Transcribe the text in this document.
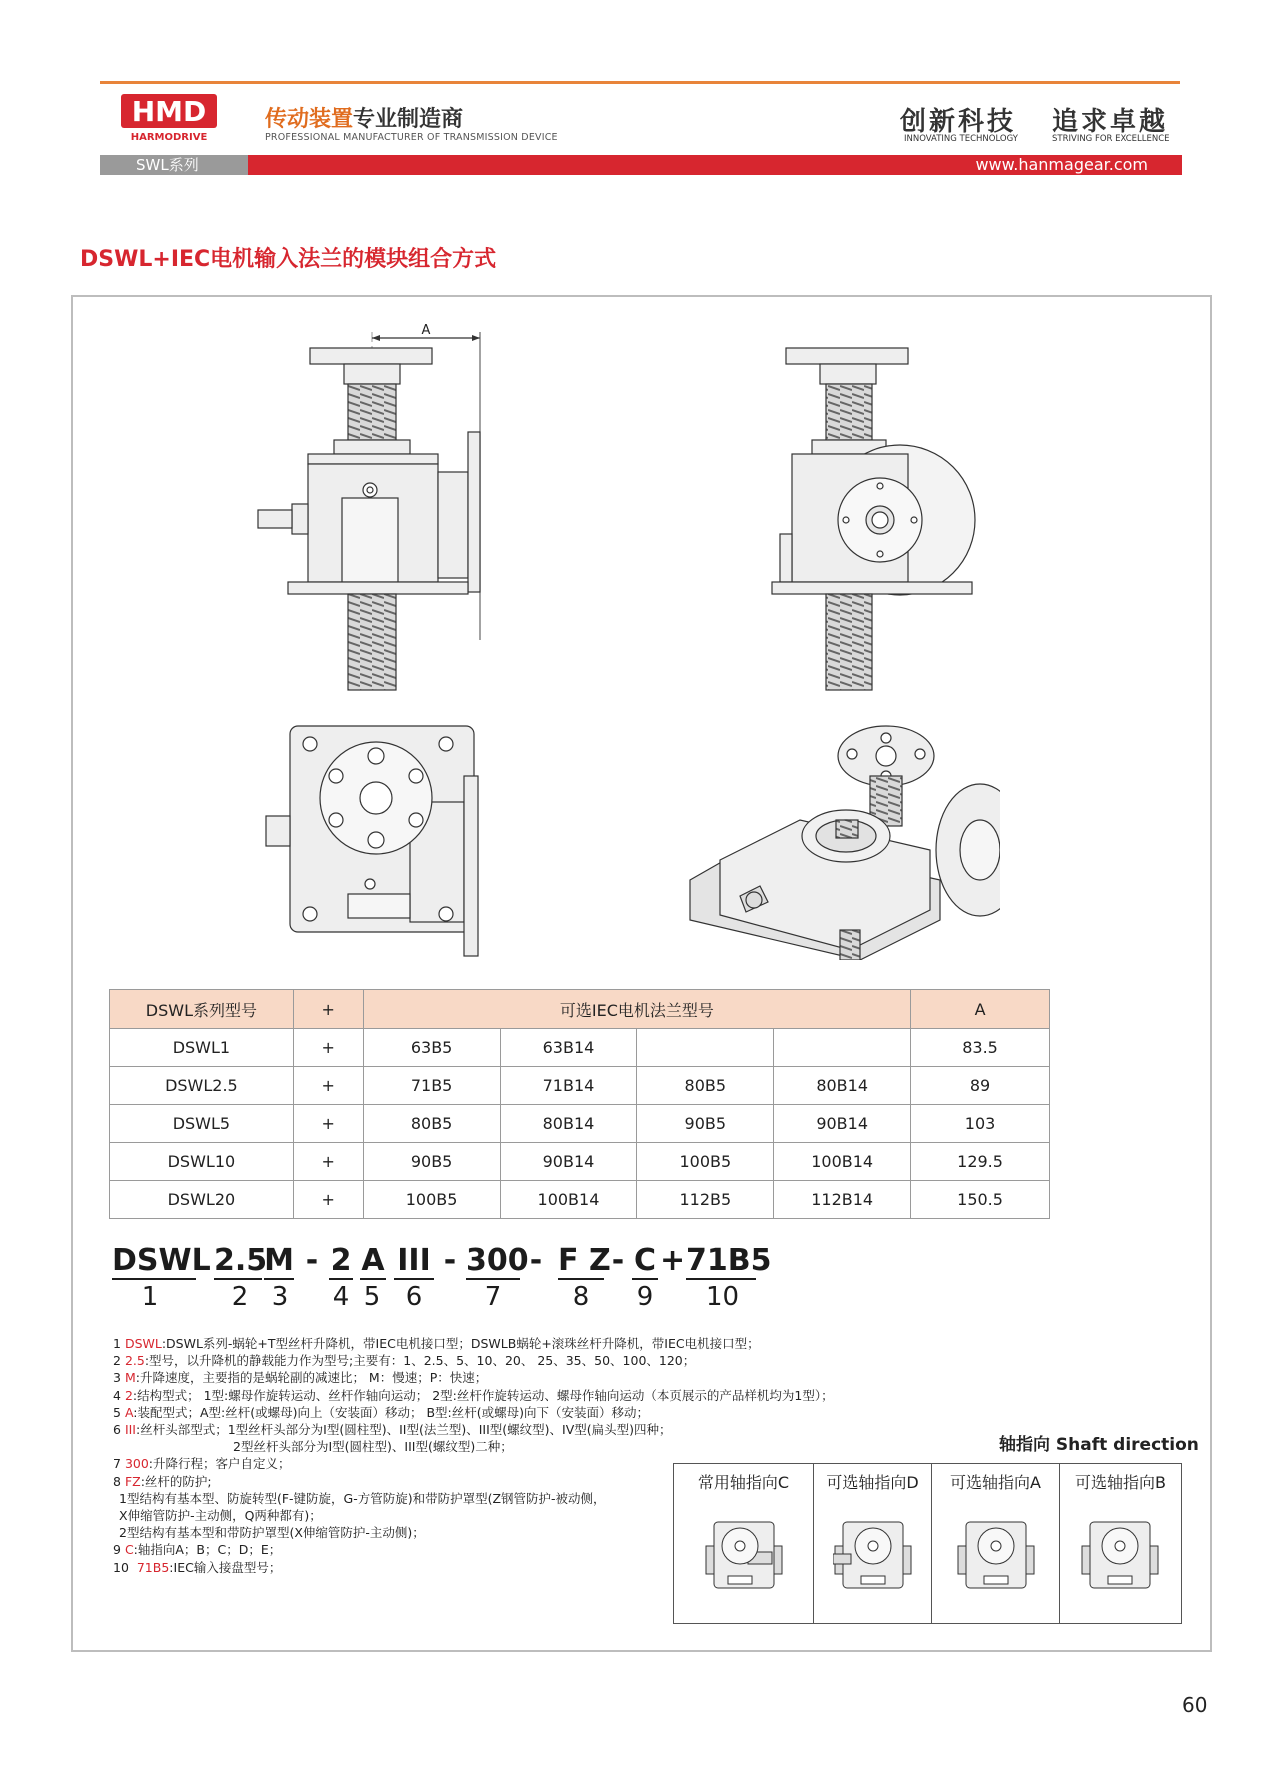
HMD
HARMODRIVE
传动装置专业制造商
PROFESSIONAL MANUFACTURER OF TRANSMISSION DEVICE
创新科技
INNOVATING TECHNOLOGY
追求卓越
STRIVING FOR EXCELLENCE
SWL系列	www.hanmagear.com
DSWL+IEC电机输入法兰的模块组合方式
A
DSWL系列型号	+	可选IEC电机法兰型号				A
DSWL1	+	63B5	63B14			83.5
DSWL2.5	+	71B5	71B14	80B5	80B14	89
DSWL5	+	80B5	80B14	90B5	90B14	103
DSWL10	+	90B5	90B14	100B5	100B14	129.5
DSWL20	+	100B5	100B14	112B5	112B14	150.5
DSWL 2.5
M - 2 A III - 300 - F Z - C + 71B5
1	2 3 4 5 6 7	8 9 10
1 DSWL:DSWL系列-蜗轮+T型丝杆升降机，带IEC电机接口型；DSWLB蜗轮+滚珠丝杆升降机，带IEC电机接口型；
2 2.5:型号，以升降机的静载能力作为型号;主要有：1、2.5、5、10、20、 25、35、50、100、120；
3 M:升降速度，主要指的是蜗轮副的减速比； M：慢速；P：快速；
4 2:结构型式； 1型:螺母作旋转运动、丝杆作轴向运动； 2型:丝杆作旋转运动、螺母作轴向运动（本页展示的产品样机均为1型）；
5 A:装配型式；A型:丝杆(或螺母)向上（安装面）移动； B型:丝杆(或螺母)向下（安装面）移动；
6 III:丝杆头部型式；1型丝杆头部分为I型(圆柱型)、II型(法兰型)、III型(螺纹型)、IV型(扁头型)四种；
2型丝杆头部分为I型(圆柱型)、III型(螺纹型)二种；
7 300:升降行程；客户自定义；
8 FZ:丝杆的防护;
1型结构有基本型、防旋转型(F-键防旋，G-方管防旋)和带防护罩型(Z钢管防护-被动侧，
X伸缩管防护-主动侧，Q两种都有)；
2型结构有基本型和带防护罩型(X伸缩管防护-主动侧)；
9 C:轴指向A；B；C；D；E；
10 71B5:IEC输入接盘型号；
轴指向 Shaft direction
常用轴指向C	可选轴指向D	可选轴指向A	可选轴指向B
60
